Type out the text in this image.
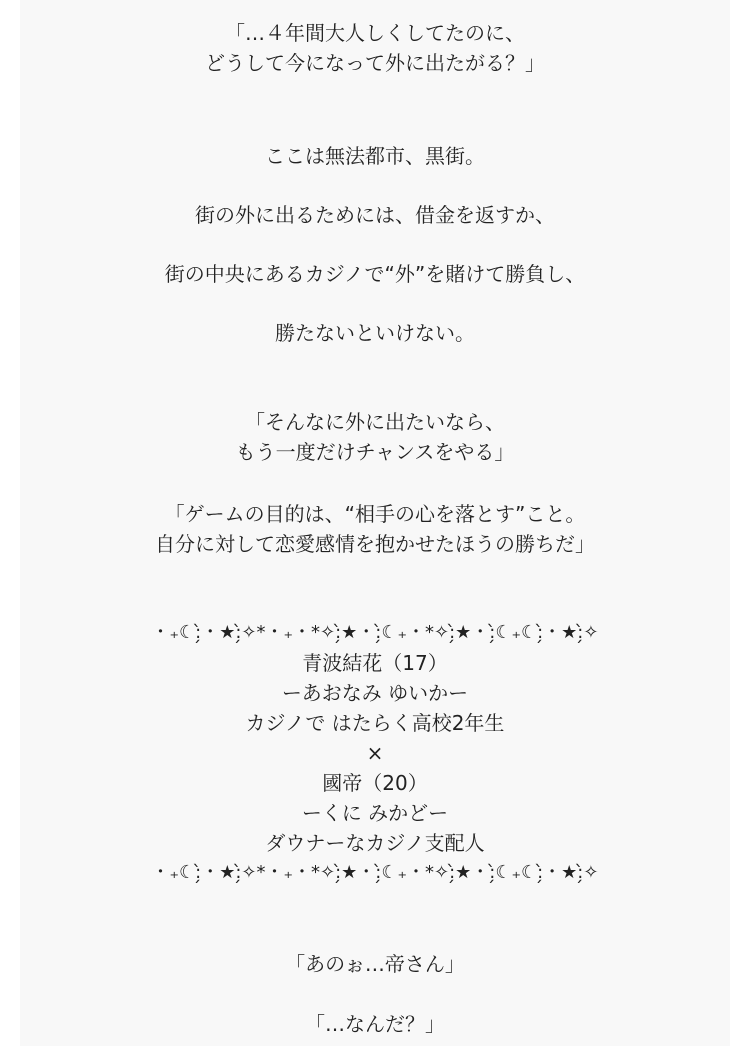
「…４年間大人しくしてたのに、
どうして今になって外に出たがる？」
ここは無法都市、黒街。
街の外に出るためには、借金を返すか、
街の中央にあるカジノで“外”を賭けて勝負し、
勝たないといけない。
「そんなに外に出たいなら、
もう一度だけチャンスをやる」
「ゲームの目的は、“相手の心を落とす”こと。
自分に対して恋愛感情を抱かせたほうの勝ちだ」
・₊☾:̗̀・★:̗̀✧*・₊・*✧:̗̀★・:̗̀☾₊・*✧:̗̀★・:̗̀☾₊☾:̗̀・★:̗̀✧
青波結花（17）
ーあおなみ ゆいかー
カジノで はたらく高校2年生
×
國帝（20）
ーくに みかどー
ダウナーなカジノ支配人
・₊☾:̗̀・★:̗̀✧*・₊・*✧:̗̀★・:̗̀☾₊・*✧:̗̀★・:̗̀☾₊☾:̗̀・★:̗̀✧
「あのぉ…帝さん」
「…なんだ？」
